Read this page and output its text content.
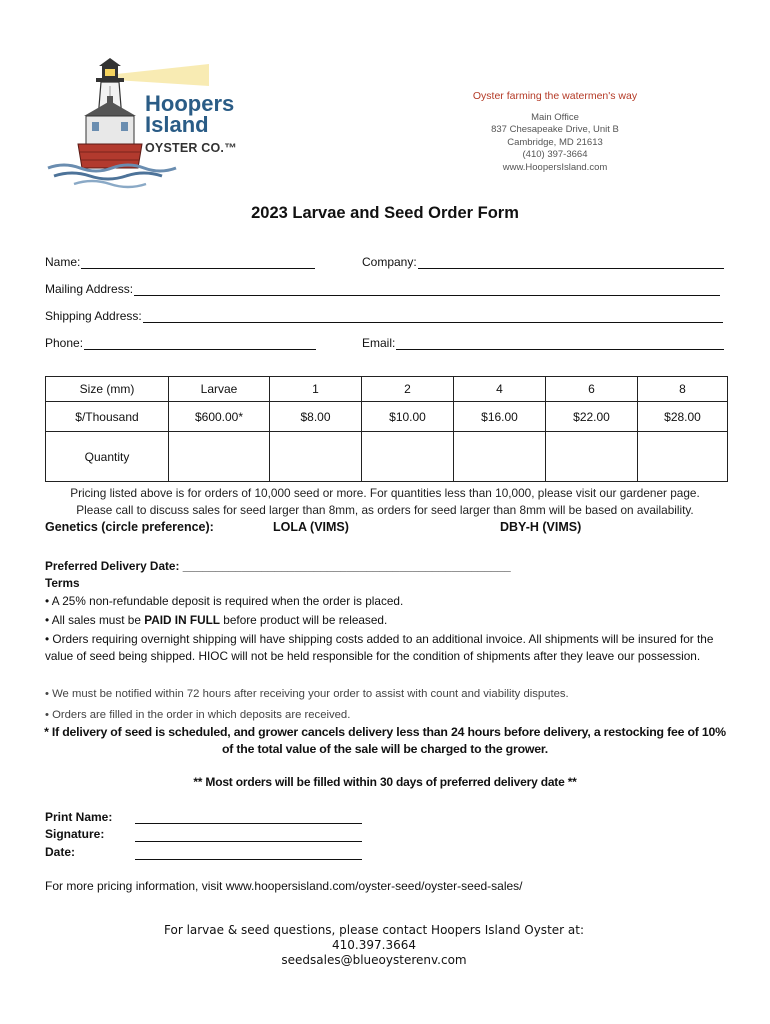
Hoopers
Island
OYSTER CO.™
Oyster farming the watermen's way
Main Office
837 Chesapeake Drive, Unit B
Cambridge, MD 21613
(410) 397-3664
www.HoopersIsland.com
2023 Larvae and Seed Order Form
Name:	Company:
Mailing Address:
Shipping Address:
Phone:	Email:
Size (mm)	Larvae	1	2	4	6	8
$/Thousand	$600.00*	$8.00	$10.00	$16.00	$22.00	$28.00
Quantity						
Pricing listed above is for orders of 10,000 seed or more. For quantities less than 10,000, please visit our gardener page.
Please call to discuss sales for seed larger than 8mm, as orders for seed larger than 8mm will be based on availability.
Genetics (circle preference):	LOLA (VIMS)	DBY-H (VIMS)
Preferred Delivery Date: __________________________________________________
Terms
• A 25% non-refundable deposit is required when the order is placed.
• All sales must be PAID IN FULL before product will be released.
• Orders requiring overnight shipping will have shipping costs added to an additional invoice. All shipments will be insured for the value of seed being shipped. HIOC will not be held responsible for the condition of shipments after they leave our possession.
• We must be notified within 72 hours after receiving your order to assist with count and viability disputes.
• Orders are filled in the order in which deposits are received.
* If delivery of seed is scheduled, and grower cancels delivery less than 24 hours before delivery, a restocking fee of 10%
of the total value of the sale will be charged to the grower.
** Most orders will be filled within 30 days of preferred delivery date **
Print Name:
Signature:
Date:
For more pricing information, visit www.hoopersisland.com/oyster-seed/oyster-seed-sales/
For larvae & seed questions, please contact Hoopers Island Oyster at:
410.397.3664
seedsales@blueoysterenv.com
